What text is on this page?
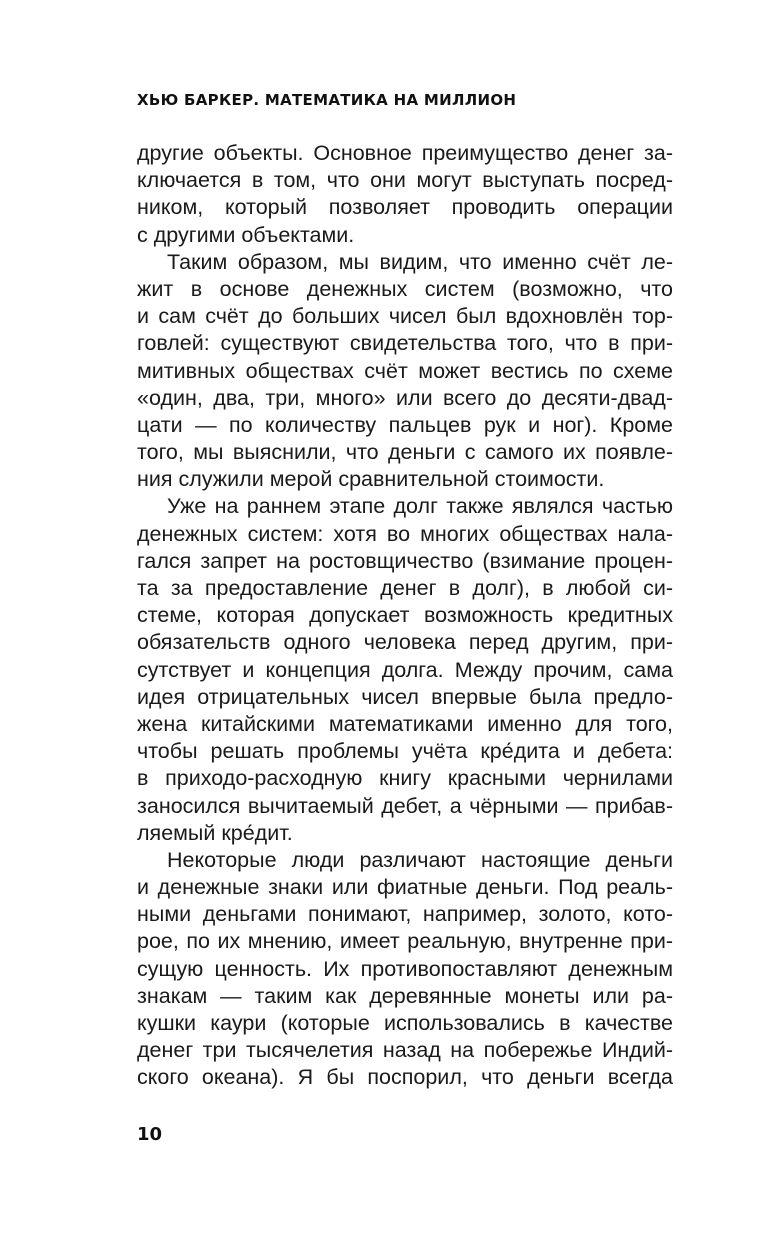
ХЬЮ БАРКЕР. МАТЕМАТИКА НА МИЛЛИОН
другие объекты. Основное преимущество денег за-
ключается в том, что они могут выступать посред-
ником, который позволяет проводить операции
с другими объектами.
Таким образом, мы видим, что именно счёт ле-
жит в основе денежных систем (возможно, что
и сам счёт до больших чисел был вдохновлён тор-
говлей: существуют свидетельства того, что в при-
митивных обществах счёт может вестись по схеме
«один, два, три, много» или всего до десяти-двад-
цати — по количеству пальцев рук и ног). Кроме
того, мы выяснили, что деньги с самого их появле-
ния служили мерой сравнительной стоимости.
Уже на раннем этапе долг также являлся частью
денежных систем: хотя во многих обществах нала-
гался запрет на ростовщичество (взимание процен-
та за предоставление денег в долг), в любой си-
стеме, которая допускает возможность кредитных
обязательств одного человека перед другим, при-
сутствует и концепция долга. Между прочим, сама
идея отрицательных чисел впервые была предло-
жена китайскими математиками именно для того,
чтобы решать проблемы учёта кре́дита и дебета:
в приходо-расходную книгу красными чернилами
заносился вычитаемый дебет, а чёрными — прибав-
ляемый кре́дит.
Некоторые люди различают настоящие деньги
и денежные знаки или фиатные деньги. Под реаль-
ными деньгами понимают, например, золото, кото-
рое, по их мнению, имеет реальную, внутренне при-
сущую ценность. Их противопоставляют денежным
знакам — таким как деревянные монеты или ра-
кушки каури (которые использовались в качестве
денег три тысячелетия назад на побережье Индий-
ского океана). Я бы поспорил, что деньги всегда
10
